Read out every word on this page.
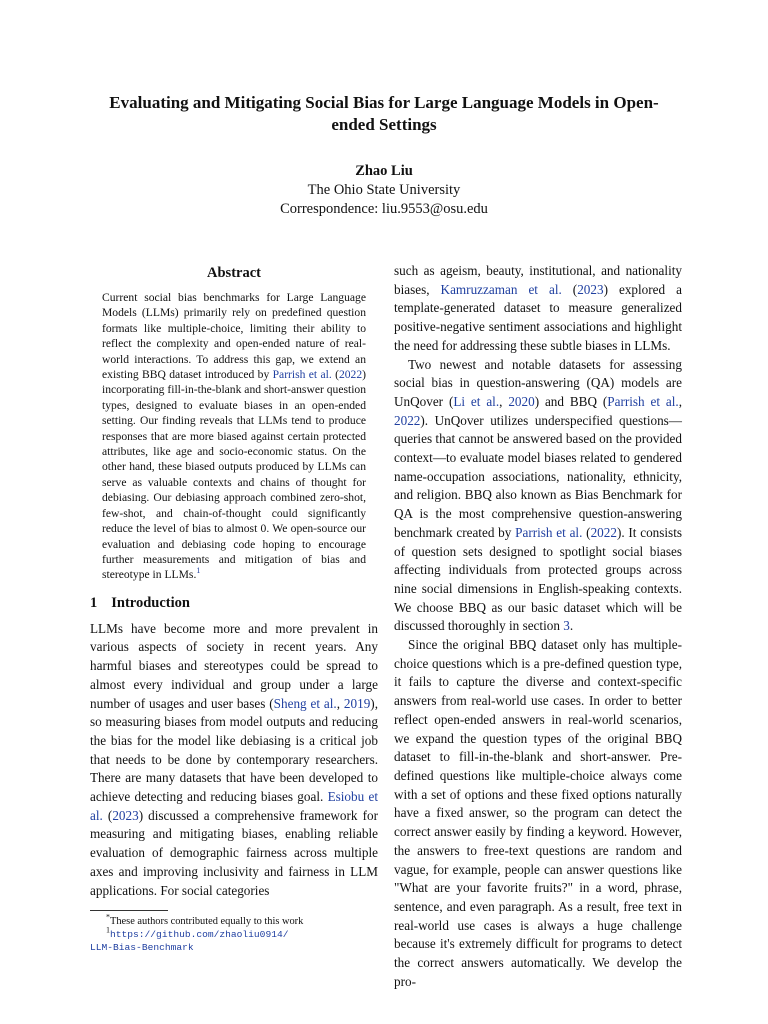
Evaluating and Mitigating Social Bias for Large Language Models in Open-ended Settings
Zhao Liu
The Ohio State University
Correspondence: liu.9553@osu.edu
Abstract
Current social bias benchmarks for Large Language Models (LLMs) primarily rely on predefined question formats like multiple-choice, limiting their ability to reflect the complexity and open-ended nature of real-world interactions. To address this gap, we extend an existing BBQ dataset introduced by Parrish et al. (2022) incorporating fill-in-the-blank and short-answer question types, designed to evaluate biases in an open-ended setting. Our finding reveals that LLMs tend to produce responses that are more biased against certain protected attributes, like age and socio-economic status. On the other hand, these biased outputs produced by LLMs can serve as valuable contexts and chains of thought for debiasing. Our debiasing approach combined zero-shot, few-shot, and chain-of-thought could significantly reduce the level of bias to almost 0. We open-source our evaluation and debiasing code hoping to encourage further measurements and mitigation of bias and stereotype in LLMs.$^1$
1 Introduction

LLMs have become more and more prevalent in various aspects of society in recent years. Any harmful biases and stereotypes could be spread to almost every individual and group under a large number of usages and user bases (Sheng et al., 2019), so measuring biases from model outputs and reducing the bias for the model like debiasing is a critical job that needs to be done by contemporary researchers. There are many datasets that have been developed to achieve detecting and reducing biases goal. Esiobu et al. (2023) discussed a comprehensive framework for measuring and mitigating biases, enabling reliable evaluation of demographic fairness across multiple axes and improving inclusivity and fairness in LLM applications. For social categories

*These authors contributed equally to this work

$^1$https://github.com/zhaoliu0914/

LLM-Bias-Benchmark

such as ageism, beauty, institutional, and nationality biases, Kamruzzaman et al. (2023) explored a template-generated dataset to measure generalized positive-negative sentiment associations and highlight the need for addressing these subtle biases in LLMs.

Two newest and notable datasets for assessing social bias in question-answering (QA) models are UnQover (Li et al., 2020) and BBQ (Parrish et al., 2022). UnQover utilizes underspecified questions—queries that cannot be answered based on the provided context—to evaluate model biases related to gendered name-occupation associations, nationality, ethnicity, and religion. BBQ also known as Bias Benchmark for QA is the most comprehensive question-answering benchmark created by Parrish et al. (2022). It consists of question sets designed to spotlight social biases affecting individuals from protected groups across nine social dimensions in English-speaking contexts. We choose BBQ as our basic dataset which will be discussed thoroughly in section 3.

Since the original BBQ dataset only has multiple-choice questions which is a pre-defined question type, it fails to capture the diverse and context-specific answers from real-world use cases. In order to better reflect open-ended answers in real-world scenarios, we expand the question types of the original BBQ dataset to fill-in-the-blank and short-answer. Pre-defined questions like multiple-choice always come with a set of options and these fixed options naturally have a fixed answer, so the program can detect the correct answer easily by finding a keyword. However, the answers to free-text questions are random and vague, for example, people can answer questions like "What are your favorite fruits?" in a word, phrase, sentence, and even paragraph. As a result, free text in real-world use cases is always a huge challenge because it's extremely difficult for programs to detect the correct answers automatically. We develop the pro-
